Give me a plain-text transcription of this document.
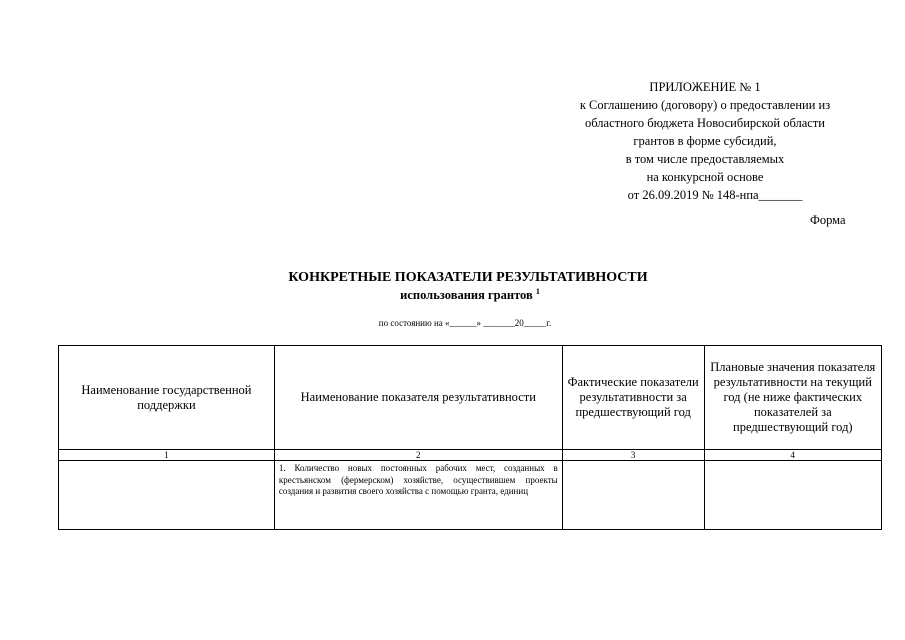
ПРИЛОЖЕНИЕ № 1
к Соглашению (договору) о предоставлении из
областного бюджета Новосибирской области
грантов в форме субсидий,
в том числе предоставляемых
на конкурсной основе
от 26.09.2019 № 148-нпа_______
Форма
КОНКРЕТНЫЕ ПОКАЗАТЕЛИ РЕЗУЛЬТАТИВНОСТИ
использования грантов $^1$
по состоянию на «______» _______20_____г.
Наименование государственной поддержки	Наименование показателя результативности	Фактические показатели результативности за предшествующий год	Плановые значения показателя результативности на текущий год (не ниже фактических показателей за предшествующий год)
1	2	3	4

	1. Количество новых постоянных рабочих мест, созданных в крестьянском (фермерском) хозяйстве, осуществившем проекты создания и развития своего хозяйства с помощью гранта, единиц		
